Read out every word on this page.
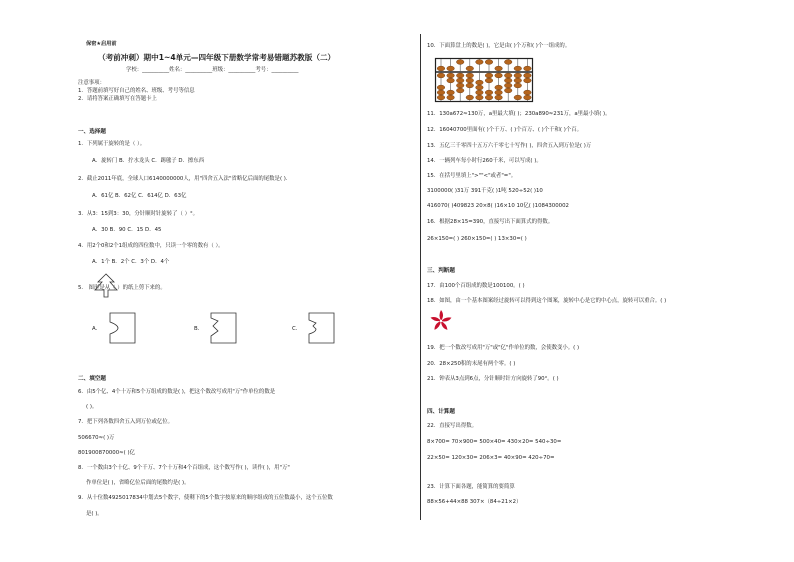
保密★启用前
（考前冲刺）期中1~4单元—四年级下册数学常考易错题苏教版（二）
学校：__________姓名：__________班级：__________考号：__________
注意事项：
1．答题前填写好自己的姓名、班级、考号等信息
2．请将答案正确填写在答题卡上
一、选择题
1．下列属于旋转的是（ ）。
A．旋转门 B．拧水龙头 C．踢毽子 D．擦东西
2．截止2011年底，全球人口6140000000人，用"四舍五入法"省略亿后面的尾数是( ).
A．61亿 B．62亿 C．614亿 D．63亿
3．从3：15到3：30，分针顺时针旋转了（ ）°。
A．30 B．90 C．15 D．45
4．用2个0和2个1组成的四位数中，只读一个零的数有（ ）。
A．1个 B．2个 C．3个 D．4个
5． 图形是从（ ）的纸上剪下来的。
A．	B．	C．
二、填空题
6．由5个亿、4个十万和5个万组成的数是( )，把这个数改写成用"万"作单位的数是
( )。
7．把下列各数四舍五入到万位或亿位。
506670≈( )万
801900870000≈( )亿
8．一个数由3个十亿、9个千万、7个十万和4个百组成，这个数写作( )，读作( )，用"万"
作单位是( )，省略亿位后面的尾数约是( )。
9．从十位数4925017834中划去5个数字，使剩下的5个数字按原来的顺序组成的五位数最小，这个五位数
是( )。
10．下面算盘上的数是( )，它是由( )个万和( )个一组成的。
11．130a672≈130万，a里最大填( )；230a890≈231万，a里最小填( )。
12．16040700里面有( )个千万、( )个百万、( )个千和( )个百。
13．五亿三千零四十五万六千零七十写作( )，四舍五入到万位是( )万
14．一辆列车每小时行260千米，可以写成( )。
15．在括号里填上">""<"或者"="。
3100000( )31万 391千克( )1吨 520÷52( )10
416070( )409823 20×8( )16×10 10亿( )1084300002
16．根据28×15=390，直接写出下面算式的得数。
26×150=( ) 260×150=( ) 13×30=( )
三、判断题
17．由100个百组成的数是100100。( )
18．如图，由一个基本图案经过旋转可以得到这个图案，旋转中心是它的中心点，旋转可以重合。( )
19．把一个数改写成用"万"或"亿"作单位的数，会使数变小。( )
20．28×250积的末尾有两个零。( )
21．钟表从3点到6点，分针顺时针方向旋转了90°。( )
四、计算题
22．直接写出得数。
8×700= 70×900= 500×40= 430×20= 540÷30=
22×50= 120×30= 206×3= 40×90= 420÷70=
23．计算下面各题，能简算的要简算
88×56+44×88 307×（84÷21×2）
